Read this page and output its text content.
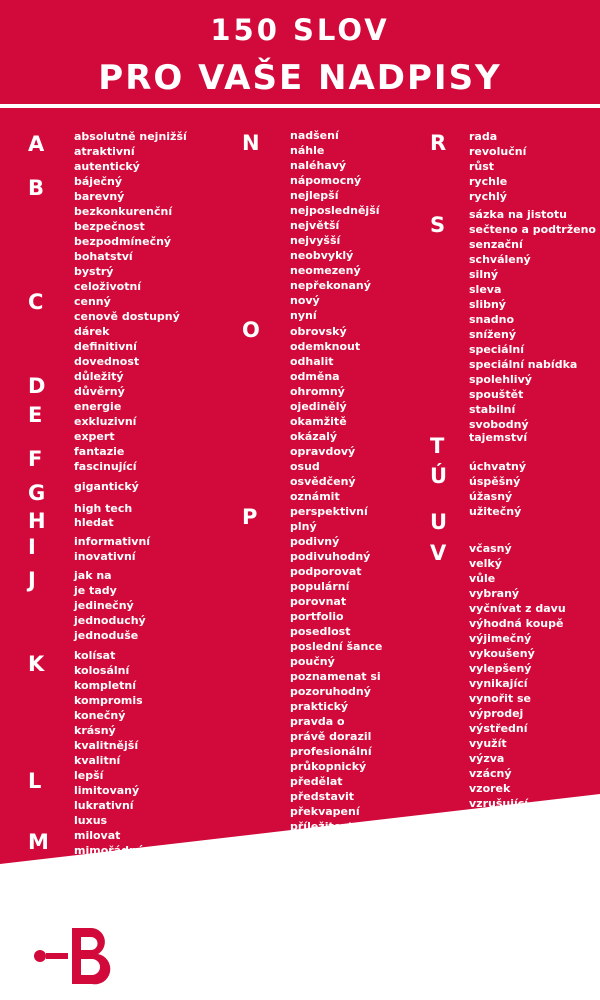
150 SLOV
PRO VAŠE NADPISY
A
B
C
D
E
F
G
H
I
J
K
L
M
absolutně nejnižší
atraktivní
autentický
báječný
barevný
bezkonkurenční
bezpečnost
bezpodmínečný
bohatství
bystrý
celoživotní
cenný
cenově dostupný
dárek
definitivní
dovednost
důležitý
důvěrný
energie
exkluzivní
expert
fantazie
fascinující
gigantický
high tech
hledat
informativní
inovativní
jak na
je tady
jedinečný
jednoduchý
jednoduše
kolísat
kolosální
kompletní
kompromis
konečný
krásný
kvalitnější
kvalitní
lepší
limitovaný
lukrativní
luxus
milovat
mimořádný
mocný
N
O
P
nadšení
náhle
naléhavý
nápomocný
nejlepší
nejposlednější
největší
nejvyšší
neobvyklý
neomezený
nepřekonaný
nový
nyní
obrovský
odemknout
odhalit
odměna
ohromný
ojedinělý
okamžitě
okázalý
opravdový
osud
osvědčený
oznámit
perspektivní
plný
podivný
podivuhodný
podporovat
populární
porovnat
portfolio
posedlost
poslední šance
poučný
poznamenat si
pozoruhodný
praktický
pravda o
právě dorazil
profesionální
průkopnický
předělat
představit
překvapení
příležitost
přímý
R
S
T
Ú
U
V
Z
rada
revoluční
růst
rychle
rychlý
sázka na jistotu
sečteno a podtrženo
senzační
schválený
silný
sleva
slibný
snadno
snížený
speciální
speciální nabídka
spolehlivý
spouštět
stabilní
svobodný
tajemství
úchvatný
úspěšný
úžasný
užitečný
včasný
velký
vůle
vybraný
vyčnívat z davu
výhodná koupě
výjimečný
vykoušený
vylepšený
vynikající
vynořit se
výprodej
výstřední
využít
výzva
vzácný
vzorek
vzrušující
zajímavý
zalarmovat
zaměřit se
zarážející
zaručený
zásadní
zázrak
zdarma
zjednodušeně
zlatý důl
zvláštní
